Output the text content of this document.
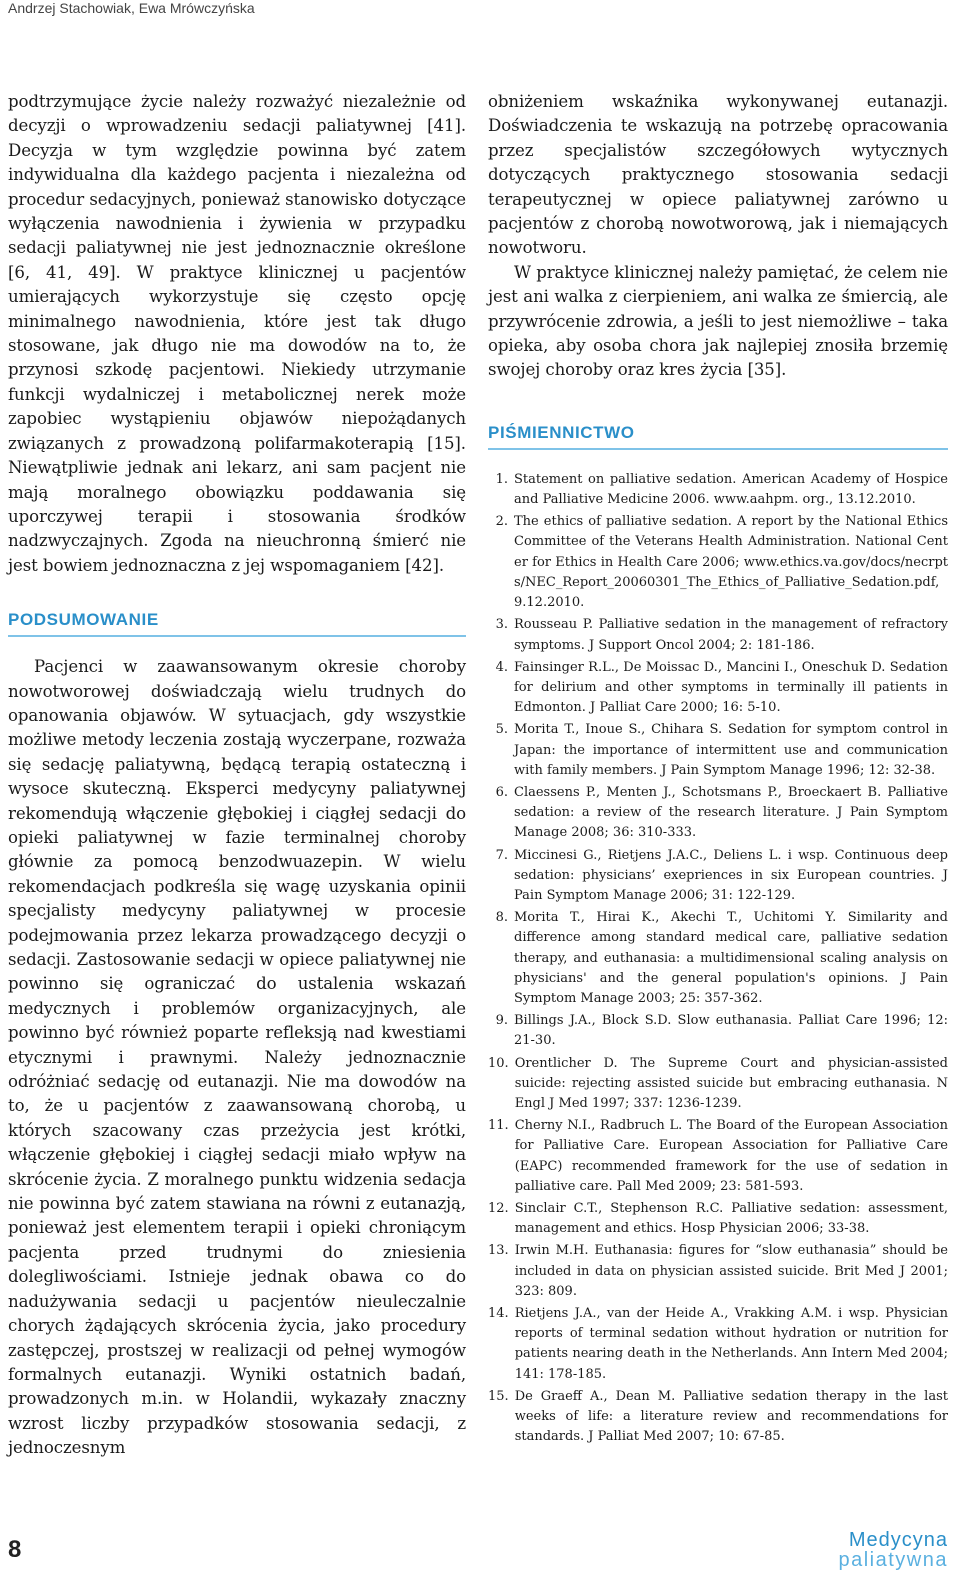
Andrzej Stachowiak, Ewa Mrówczyńska

podtrzymujące życie należy rozważyć niezależnie od decyzji o wprowadzeniu sedacji paliatywnej [41]. Decyzja w tym względzie powinna być zatem indywidualna dla każdego pacjenta i niezależna od procedur sedacyjnych, ponieważ stanowisko dotyczące wyłączenia nawodnienia i żywienia w przypadku sedacji paliatywnej nie jest jednoznacznie określone [6, 41, 49]. W praktyce klinicznej u pacjentów umierających wykorzystuje się często opcję minimalnego nawodnienia, które jest tak długo stosowane, jak długo nie ma dowodów na to, że przynosi szkodę pacjentowi. Niekiedy utrzymanie funkcji wydalniczej i metabolicznej nerek może zapobiec wystąpieniu objawów niepożądanych związanych z prowadzoną polifarmakoterapią [15]. Niewątpliwie jednak ani lekarz, ani sam pacjent nie mają moralnego obowiązku poddawania się uporczywej terapii i stosowania środków nadzwyczajnych. Zgoda na nieuchronną śmierć nie jest bowiem jednoznaczna z jej wspomaganiem [42].

PODSUMOWANIE

Pacjenci w zaawansowanym okresie choroby nowotworowej doświadczają wielu trudnych do opanowania objawów. W sytuacjach, gdy wszystkie możliwe metody leczenia zostają wyczerpane, rozważa się sedację paliatywną, będącą terapią ostateczną i wysoce skuteczną. Eksperci medycyny paliatywnej rekomendują włączenie głębokiej i ciągłej sedacji do opieki paliatywnej w fazie terminalnej choroby głównie za pomocą benzodwuazepin. W wielu rekomendacjach podkreśla się wagę uzyskania opinii specjalisty medycyny paliatywnej w procesie podejmowania przez lekarza prowadzącego decyzji o sedacji. Zastosowanie sedacji w opiece paliatywnej nie powinno się ograniczać do ustalenia wskazań medycznych i problemów organizacyjnych, ale powinno być również poparte refleksją nad kwestiami etycznymi i prawnymi. Należy jednoznacznie odróżniać sedację od eutanazji. Nie ma dowodów na to, że u pacjentów z zaawansowaną chorobą, u których szacowany czas przeżycia jest krótki, włączenie głębokiej i ciągłej sedacji miało wpływ na skrócenie życia. Z moralnego punktu widzenia sedacja nie powinna być zatem stawiana na równi z eutanazją, ponieważ jest elementem terapii i opieki chroniącym pacjenta przed trudnymi do zniesienia dolegliwościami. Istnieje jednak obawa co do nadużywania sedacji u pacjentów nieuleczalnie chorych żądających skrócenia życia, jako procedury zastępczej, prostszej w realizacji od pełnej wymogów formalnych eutanazji. Wyniki ostatnich badań, prowadzonych m.in. w Holandii, wykazały znaczny wzrost liczby przypadków stosowania sedacji, z jednoczesnym

obniżeniem wskaźnika wykonywanej eutanazji. Doświadczenia te wskazują na potrzebę opracowania przez specjalistów szczegółowych wytycznych dotyczących praktycznego stosowania sedacji terapeutycznej w opiece paliatywnej zarówno u pacjentów z chorobą nowotworową, jak i niemających nowotworu.

W praktyce klinicznej należy pamiętać, że celem nie jest ani walka z cierpieniem, ani walka ze śmiercią, ale przywrócenie zdrowia, a jeśli to jest niemożliwe – taka opieka, aby osoba chora jak najlepiej znosiła brzemię swojej choroby oraz kres życia [35].

PIŚMIENNICTWO
1. Statement on palliative sedation. American Academy of Hospice and Palliative Medicine 2006. www.aahpm. org., 13.12.2010.
2. The ethics of palliative sedation. A report by the National Ethics Committee of the Veterans Health Administration. National Center for Ethics in Health Care 2006; www.ethics.va.gov/docs/necrpts/NEC_Report_20060301_The_Ethics_of_Palliative_Sedation.pdf, 9.12.2010.
3. Rousseau P. Palliative sedation in the management of refractory symptoms. J Support Oncol 2004; 2: 181-186.
4. Fainsinger R.L., De Moissac D., Mancini I., Oneschuk D. Sedation for delirium and other symptoms in terminally ill patients in Edmonton. J Palliat Care 2000; 16: 5-10.
5. Morita T., Inoue S., Chihara S. Sedation for symptom control in Japan: the importance of intermittent use and communication with family members. J Pain Symptom Manage 1996; 12: 32-38.
6. Claessens P., Menten J., Schotsmans P., Broeckaert B. Palliative sedation: a review of the research literature. J Pain Symptom Manage 2008; 36: 310-333.
7. Miccinesi G., Rietjens J.A.C., Deliens L. i wsp. Continuous deep sedation: physicians’ exepriences in six European countries. J Pain Symptom Manage 2006; 31: 122-129.
8. Morita T., Hirai K., Akechi T., Uchitomi Y. Similarity and difference among standard medical care, palliative sedation therapy, and euthanasia: a multidimensional scaling analysis on physicians' and the general population's opinions. J Pain Symptom Manage 2003; 25: 357-362.
9. Billings J.A., Block S.D. Slow euthanasia. Palliat Care 1996; 12: 21-30.
10. Orentlicher D. The Supreme Court and physician-assisted suicide: rejecting assisted suicide but embracing euthanasia. N Engl J Med 1997; 337: 1236-1239.
11. Cherny N.I., Radbruch L. The Board of the European Association for Palliative Care. European Association for Palliative Care (EAPC) recommended framework for the use of sedation in palliative care. Pall Med 2009; 23: 581-593.
12. Sinclair C.T., Stephenson R.C. Palliative sedation: assessment, management and ethics. Hosp Physician 2006; 33-38.
13. Irwin M.H. Euthanasia: figures for “slow euthanasia” should be included in data on physician assisted suicide. Brit Med J 2001; 323: 809.
14. Rietjens J.A., van der Heide A., Vrakking A.M. i wsp. Physician reports of terminal sedation without hydration or nutrition for patients nearing death in the Netherlands. Ann Intern Med 2004; 141: 178-185.
15. De Graeff A., Dean M. Palliative sedation therapy in the last weeks of life: a literature review and recommendations for standards. J Palliat Med 2007; 10: 67-85.
8	Medycyna
paliatywna
